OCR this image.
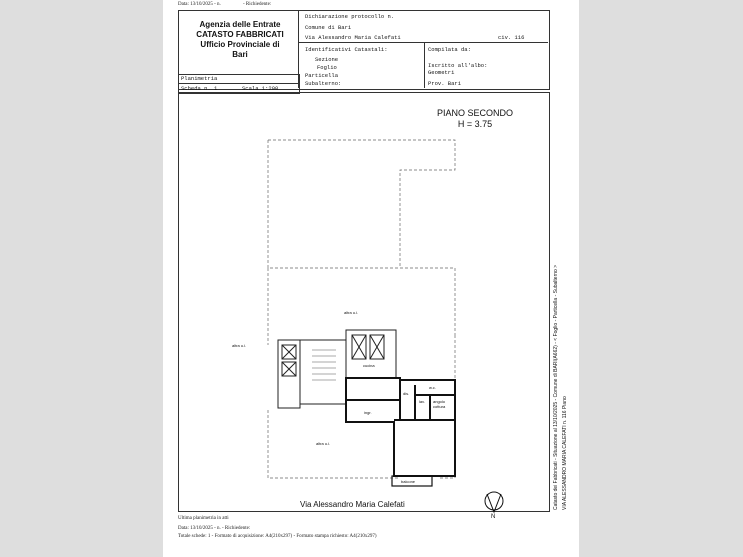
Data: 13/10/2025 - n.	- Richiedente:
Agenzia delle Entrate
CATASTO FABBRICATI
Ufficio Provinciale di
Bari
Dichiarazione protocollo n.
Comune di Bari
Via Alessandro Maria Calefati	civ. 116
Identificativi Catastali:
Sezione
Foglio
Particella
Subalterno:
Compilata da:
Iscritto all'albo:
Geometri
Prov. Bari
Planimetria
Scheda n. 1	Scala 1:200
PIANO SECONDO
H = 3.75
altra u.i.
altra u.i.
altra u.i.
cucina
w.c.
dis.
lav. angolo cottura
ingr.
balcone
Via Alessandro Maria Calefati
N
Ultima planimetria in atti
Data: 13/10/2025 - n. - Richiedente:
Totale schede: 1 - Formato di acquisizione: A4(210x297) - Formato stampa richiesto: A4(210x297)
Catasto dei Fabbricati - Situazione al 13/10/2025 - Comune di BARI(A662) - < Foglio - Particella - Subalterno > VIA ALESSANDRO MARIA CALEFATI n. 116 Piano
